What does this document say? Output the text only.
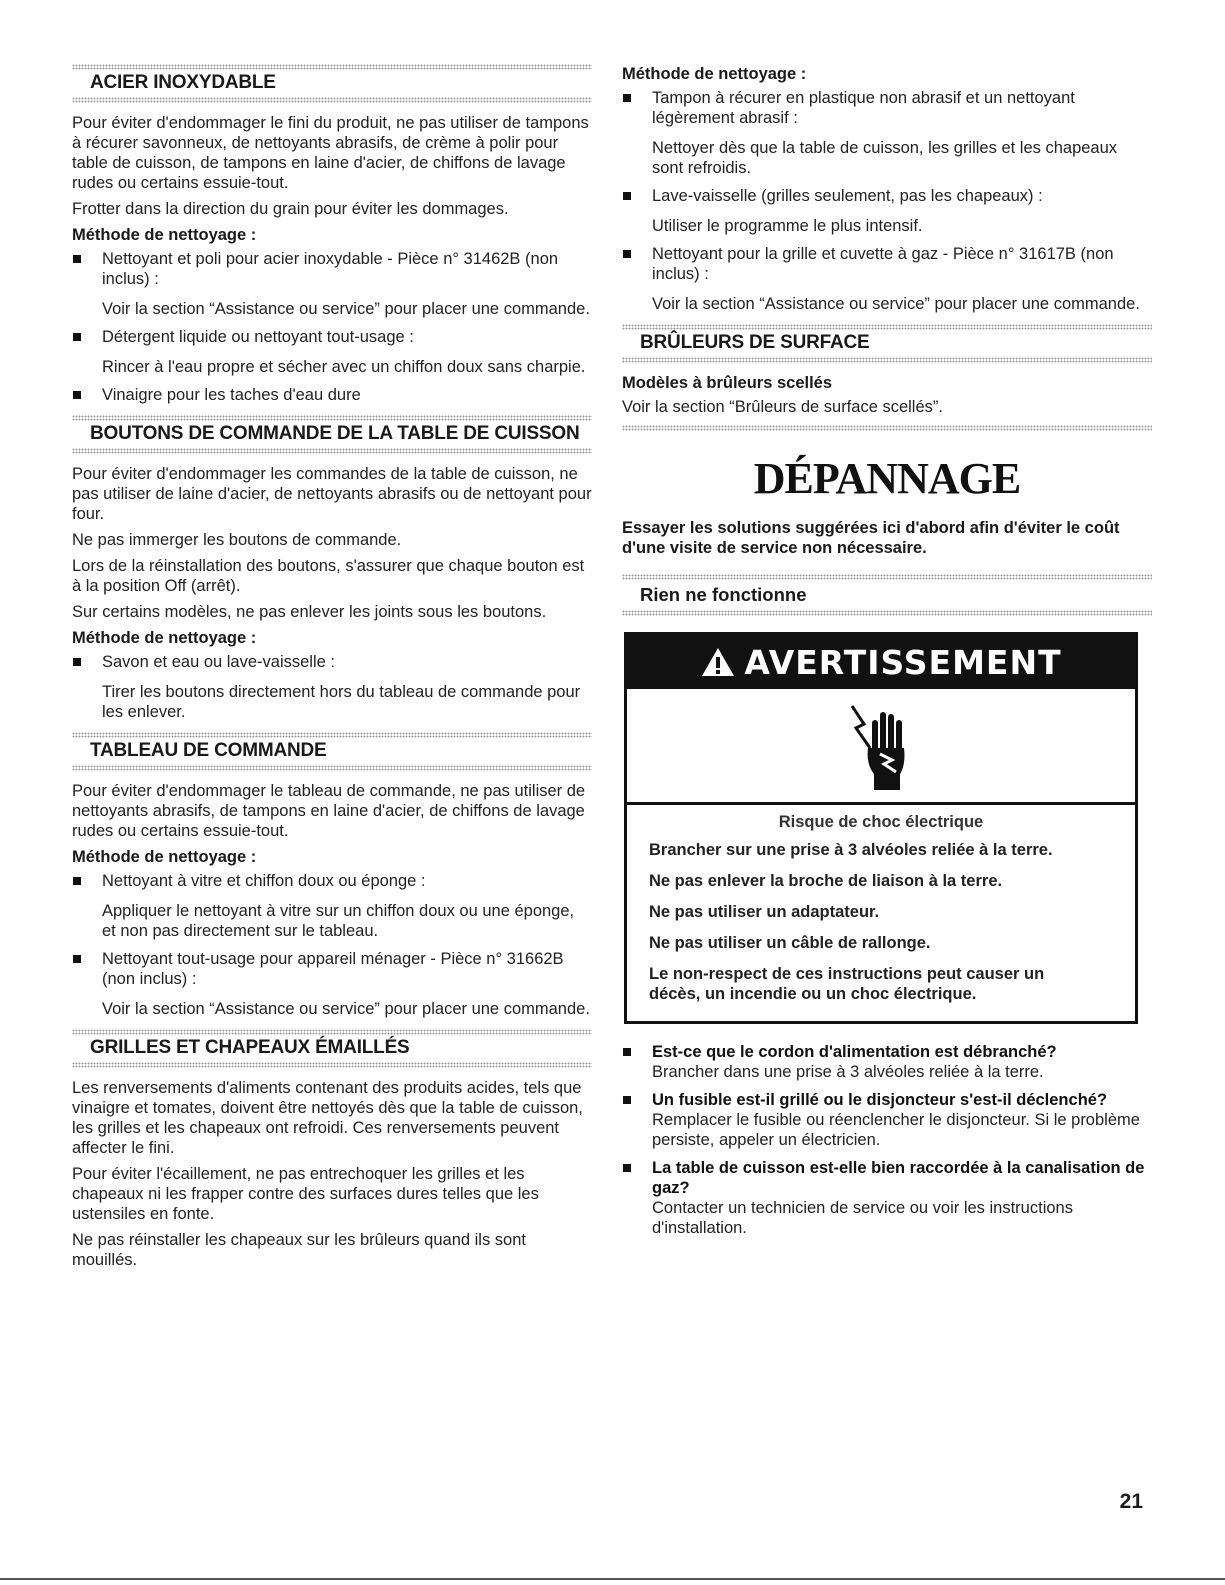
ACIER INOXYDABLE

Pour éviter d'endommager le fini du produit, ne pas utiliser de tampons à récurer savonneux, de nettoyants abrasifs, de crème à polir pour table de cuisson, de tampons en laine d'acier, de chiffons de lavage rudes ou certains essuie-tout.

Frotter dans la direction du grain pour éviter les dommages.

Méthode de nettoyage :
Nettoyant et poli pour acier inoxydable - Pièce n° 31462B (non inclus) :
Voir la section “Assistance ou service” pour placer une commande.
Détergent liquide ou nettoyant tout-usage :
Rincer à l'eau propre et sécher avec un chiffon doux sans charpie.
Vinaigre pour les taches d'eau dure
BOUTONS DE COMMANDE DE LA TABLE DE CUISSON

Pour éviter d'endommager les commandes de la table de cuisson, ne pas utiliser de laine d'acier, de nettoyants abrasifs ou de nettoyant pour four.

Ne pas immerger les boutons de commande.

Lors de la réinstallation des boutons, s'assurer que chaque bouton est à la position Off (arrêt).

Sur certains modèles, ne pas enlever les joints sous les boutons.

Méthode de nettoyage :
Savon et eau ou lave-vaisselle :
Tirer les boutons directement hors du tableau de commande pour les enlever.
TABLEAU DE COMMANDE

Pour éviter d'endommager le tableau de commande, ne pas utiliser de nettoyants abrasifs, de tampons en laine d'acier, de chiffons de lavage rudes ou certains essuie-tout.

Méthode de nettoyage :
Nettoyant à vitre et chiffon doux ou éponge :
Appliquer le nettoyant à vitre sur un chiffon doux ou une éponge, et non pas directement sur le tableau.
Nettoyant tout-usage pour appareil ménager - Pièce n° 31662B (non inclus) :
Voir la section “Assistance ou service” pour placer une commande.
GRILLES ET CHAPEAUX ÉMAILLÉS

Les renversements d'aliments contenant des produits acides, tels que vinaigre et tomates, doivent être nettoyés dès que la table de cuisson, les grilles et les chapeaux ont refroidi. Ces renversements peuvent affecter le fini.

Pour éviter l'écaillement, ne pas entrechoquer les grilles et les chapeaux ni les frapper contre des surfaces dures telles que les ustensiles en fonte.

Ne pas réinstaller les chapeaux sur les brûleurs quand ils sont mouillés.

Méthode de nettoyage :
Tampon à récurer en plastique non abrasif et un nettoyant légèrement abrasif :
Nettoyer dès que la table de cuisson, les grilles et les chapeaux sont refroidis.
Lave-vaisselle (grilles seulement, pas les chapeaux) :
Utiliser le programme le plus intensif.
Nettoyant pour la grille et cuvette à gaz - Pièce n° 31617B (non inclus) :
Voir la section “Assistance ou service” pour placer une commande.
BRÛLEURS DE SURFACE
Modèles à brûleurs scellés

Voir la section “Brûleurs de surface scellés”.

DÉPANNAGE
Essayer les solutions suggérées ici d'abord afin d'éviter le coût d'une visite de service non nécessaire.
Rien ne fonctionne
AVERTISSEMENT
Risque de choc électrique
Brancher sur une prise à 3 alvéoles reliée à la terre.
Ne pas enlever la broche de liaison à la terre.
Ne pas utiliser un adaptateur.
Ne pas utiliser un câble de rallonge.
Le non-respect de ces instructions peut causer un décès, un incendie ou un choc électrique.
Est-ce que le cordon d'alimentation est débranché?
Brancher dans une prise à 3 alvéoles reliée à la terre.
Un fusible est-il grillé ou le disjoncteur s'est-il déclenché?
Remplacer le fusible ou réenclencher le disjoncteur. Si le problème persiste, appeler un électricien.
La table de cuisson est-elle bien raccordée à la canalisation de gaz?
Contacter un technicien de service ou voir les instructions d'installation.
21
